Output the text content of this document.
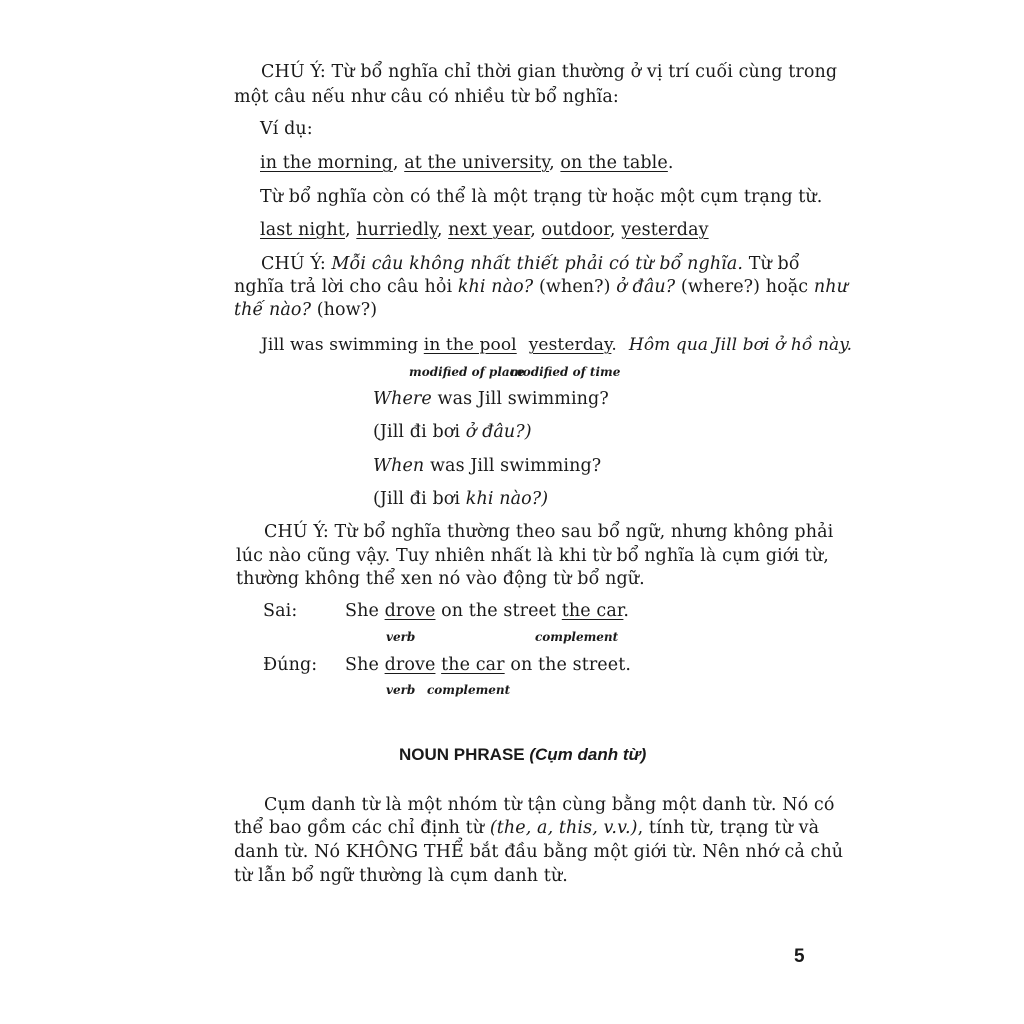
CHÚ Ý: Từ bổ nghĩa chỉ thời gian thường ở vị trí cuối cùng trong
một câu nếu như câu có nhiều từ bổ nghĩa:
Ví dụ:
in the morning, at the university, on the table.
Từ bổ nghĩa còn có thể là một trạng từ hoặc một cụm trạng từ.
last night, hurriedly, next year, outdoor, yesterday
CHÚ Ý: Mỗi câu không nhất thiết phải có từ bổ nghĩa. Từ bổ
nghĩa trả lời cho câu hỏi khi nào? (when?) ở đâu? (where?) hoặc như
thế nào? (how?)
Jill was swimming in the pool yesterday. Hôm qua Jill bơi ở hồ này.
modified of place
modified of time
Where was Jill swimming?
(Jill đi bơi ở đâu?)
When was Jill swimming?
(Jill đi bơi khi nào?)
CHÚ Ý: Từ bổ nghĩa thường theo sau bổ ngữ, nhưng không phải
lúc nào cũng vậy. Tuy nhiên nhất là khi từ bổ nghĩa là cụm giới từ,
thường không thể xen nó vào động từ bổ ngữ.
Sai:	She drove on the street the car.
verb	complement
Đúng: She drove the car on the street.
verb complement
NOUN PHRASE (Cụm danh từ)
Cụm danh từ là một nhóm từ tận cùng bằng một danh từ. Nó có
thể bao gồm các chỉ định từ (the, a, this, v.v.), tính từ, trạng từ và
danh từ. Nó KHÔNG THỂ bắt đầu bằng một giới từ. Nên nhớ cả chủ
từ lẫn bổ ngữ thường là cụm danh từ.
5
